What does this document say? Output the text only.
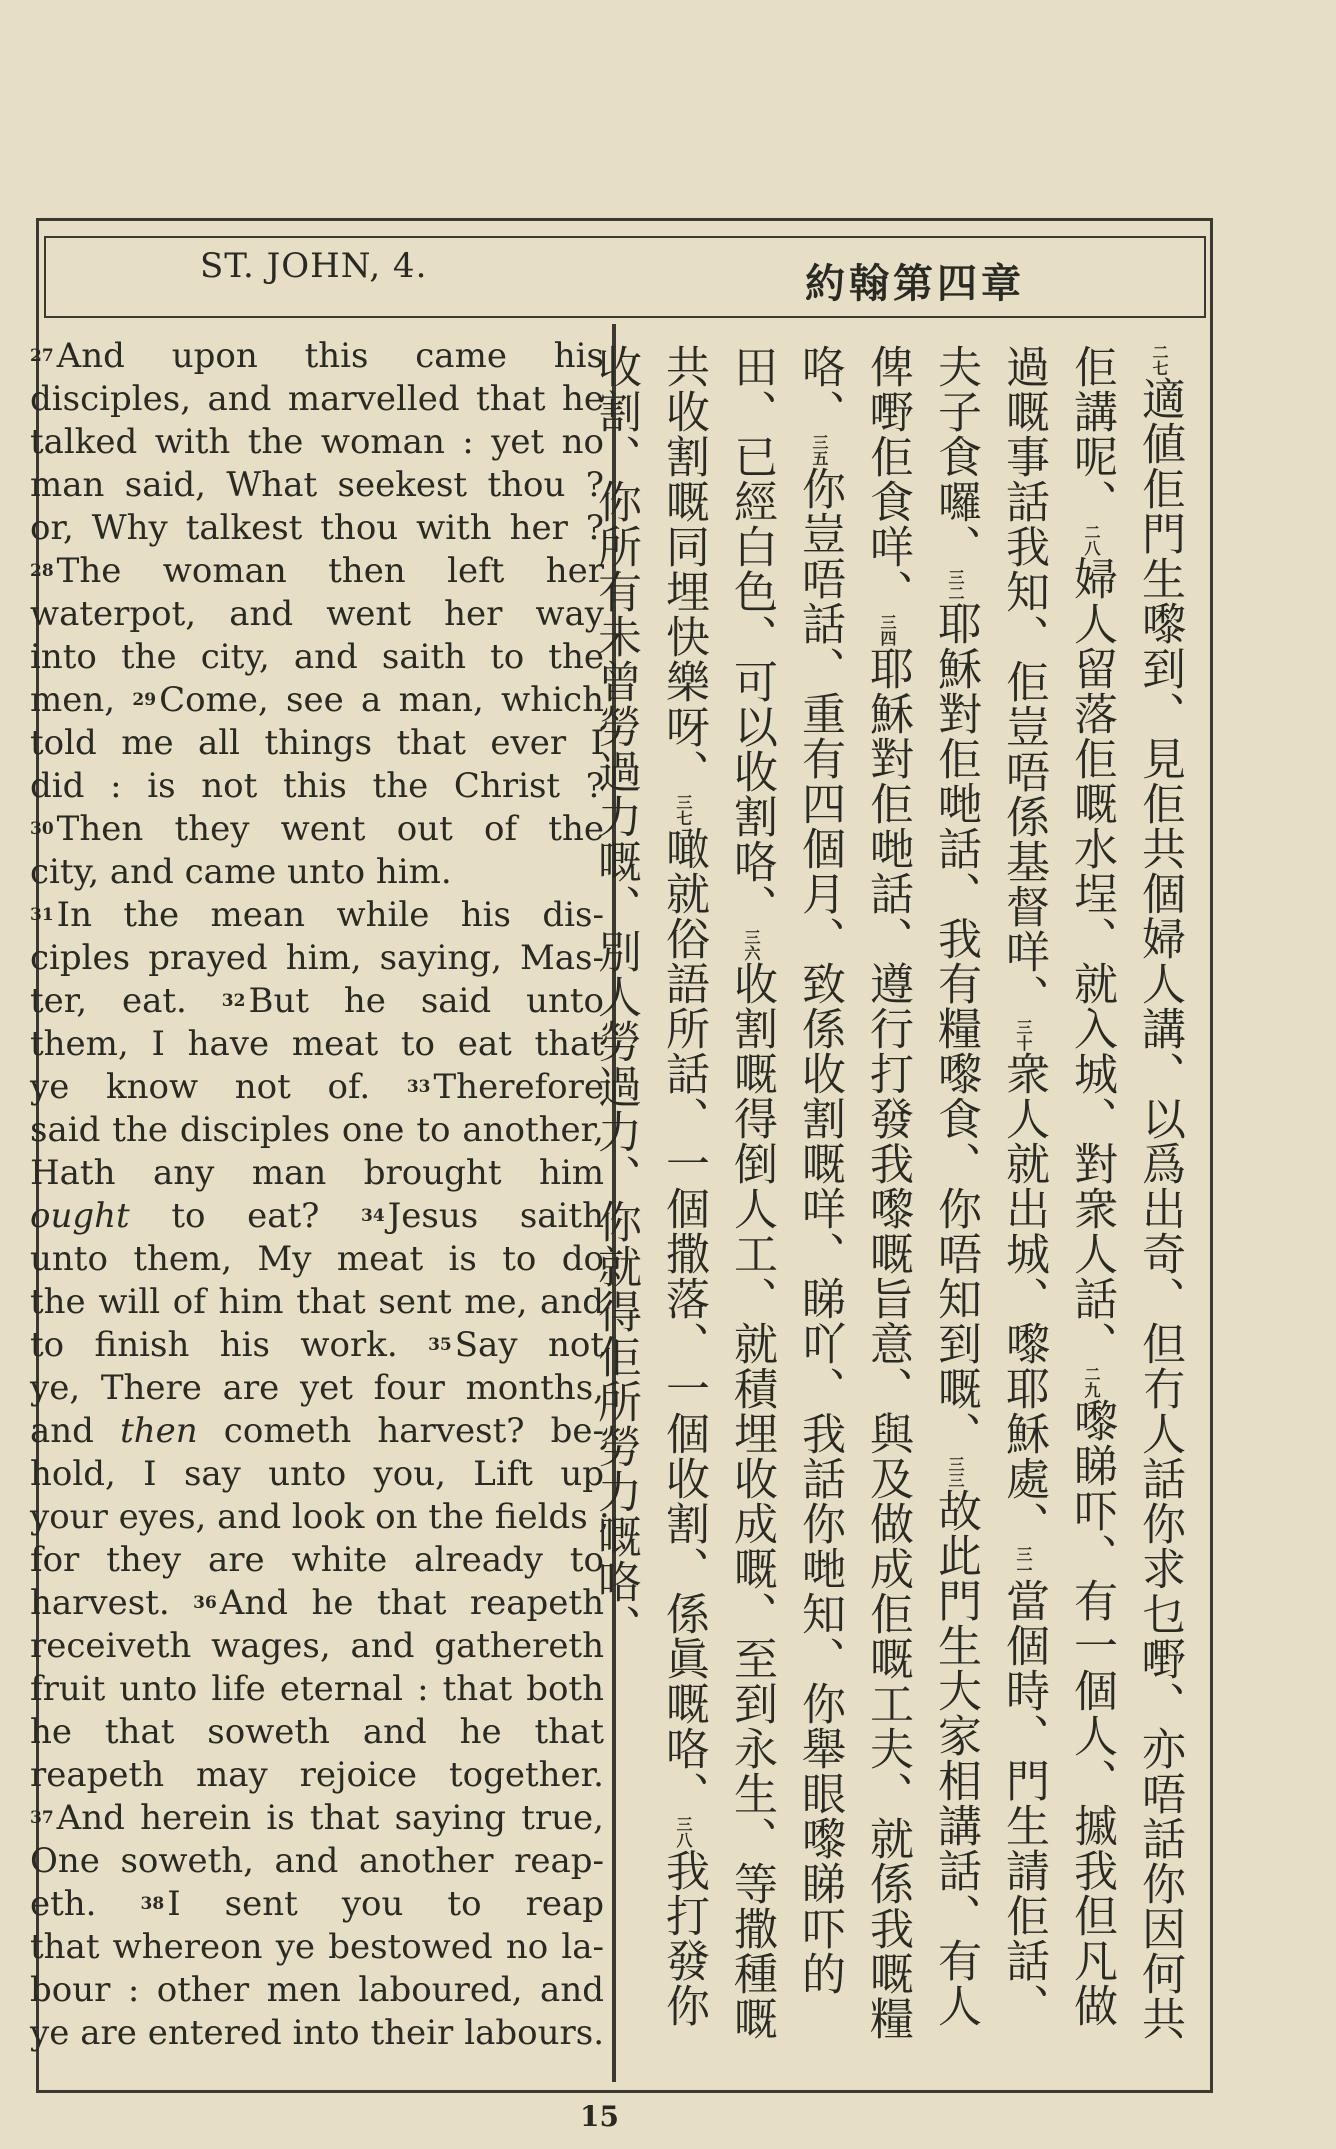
ST. JOHN, 4.	約翰第四章
27And upon this came his
disciples, and marvelled that he
talked with the woman : yet no
man said, What seekest thou ?
or, Why talkest thou with her ?
28The woman then left her
waterpot, and went her way
into the city, and saith to the
men, 29Come, see a man, which
told me all things that ever I
did : is not this the Christ ?
30Then they went out of the
city, and came unto him.
31In the mean while his dis-
ciples prayed him, saying, Mas-
ter, eat. 32But he said unto
them, I have meat to eat that
ye know not of. 33Therefore
said the disciples one to another,
Hath any man brought him
ought to eat? 34Jesus saith
unto them, My meat is to do
the will of him that sent me, and
to finish his work. 35Say not
ye, There are yet four months,
and then cometh harvest? be-
hold, I say unto you, Lift up
your eyes, and look on the fields ;
for they are white already to
harvest. 36And he that reapeth
receiveth wages, and gathereth
fruit unto life eternal : that both
he that soweth and he that
reapeth may rejoice together.
37And herein is that saying true,
One soweth, and another reap-
eth. 38I sent you to reap
that whereon ye bestowed no la-
bour : other men laboured, and
ye are entered into their labours.
二七適値佢門生嚟到、見佢共個婦人講、以爲出奇、但冇人話你求乜嘢、亦唔話你因何共佢講呢、二八婦人留落佢嘅水埕、就入城、對衆人話、二九嚟睇吓、有一個人、摵我但凡做過嘅事話我知、佢豈唔係基督咩、三十衆人就出城、嚟耶穌處、三一當個時、門生請佢話、夫子食囉、三二耶穌對佢哋話、我有糧嚟食、你唔知到嘅、三三故此門生大家相講話、有人俾嘢佢食咩、三四耶穌對佢哋話、遵行打發我嚟嘅旨意、與及做成佢嘅工夫、就係我嘅糧咯、三五你豈唔話、重有四個月、致係收割嘅咩、睇吖、我話你哋知、你舉眼嚟睇吓的田、已經白色、可以收割咯、三六收割嘅得倒人工、就積埋收成嘅、至到永生、等撒種嘅共收割嘅同埋快樂呀、三七噉就俗語所話、一個撒落、一個收割、係眞嘅咯、三八我打發你收割、你所有未曾勞過力嘅、別人勞過力、你就得佢所勞力嘅咯、
15
